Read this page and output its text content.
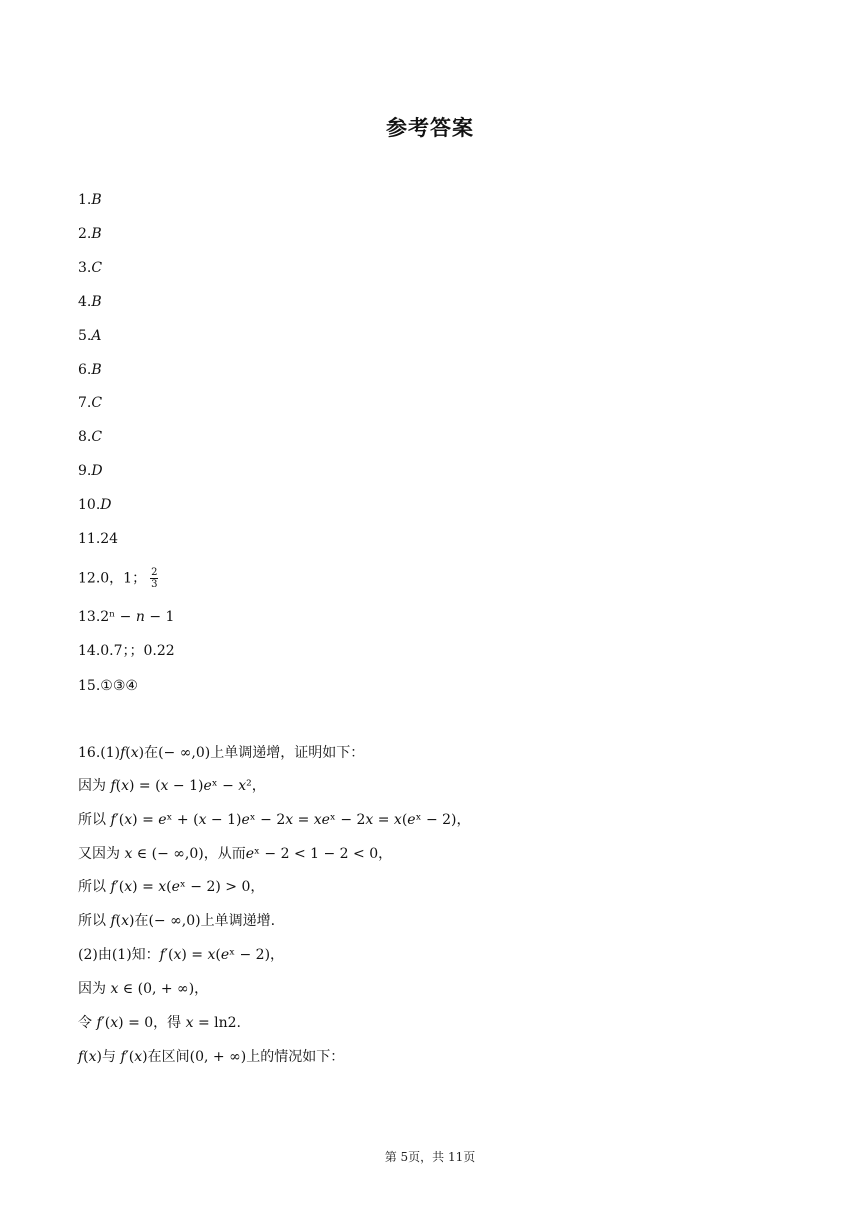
参考答案
1.𝐵
2.𝐵
3.𝐶
4.𝐵
5.𝐴
6.𝐵
7.𝐶
8.𝐶
9.𝐷
10.𝐷
11.24
12.0，1； $\frac{2}{3}$
13.2ⁿ − 𝑛 − 1
14.0.7；；0.22
15.①③④
16.(1)𝑓(𝑥)在(− ∞,0)上单调递增，证明如下：
因为 𝑓(𝑥) = (𝑥 − 1)𝑒ˣ − 𝑥²，
所以 𝑓′(𝑥) = 𝑒ˣ + (𝑥 − 1)𝑒ˣ − 2𝑥 = 𝑥𝑒ˣ − 2𝑥 = 𝑥(𝑒ˣ − 2)，
又因为 𝑥 ∈ (− ∞,0)，从而𝑒ˣ − 2 < 1 − 2 < 0，
所以 𝑓′(𝑥) = 𝑥(𝑒ˣ − 2) > 0，
所以 𝑓(𝑥)在(− ∞,0)上单调递增.
(2)由(1)知：𝑓′(𝑥) = 𝑥(𝑒ˣ − 2)，
因为 𝑥 ∈ (0, + ∞)，
令 𝑓′(𝑥) = 0，得 𝑥 = ln2.
𝑓(𝑥)与 𝑓′(𝑥)在区间(0, + ∞)上的情况如下：
第 5页，共 11页
